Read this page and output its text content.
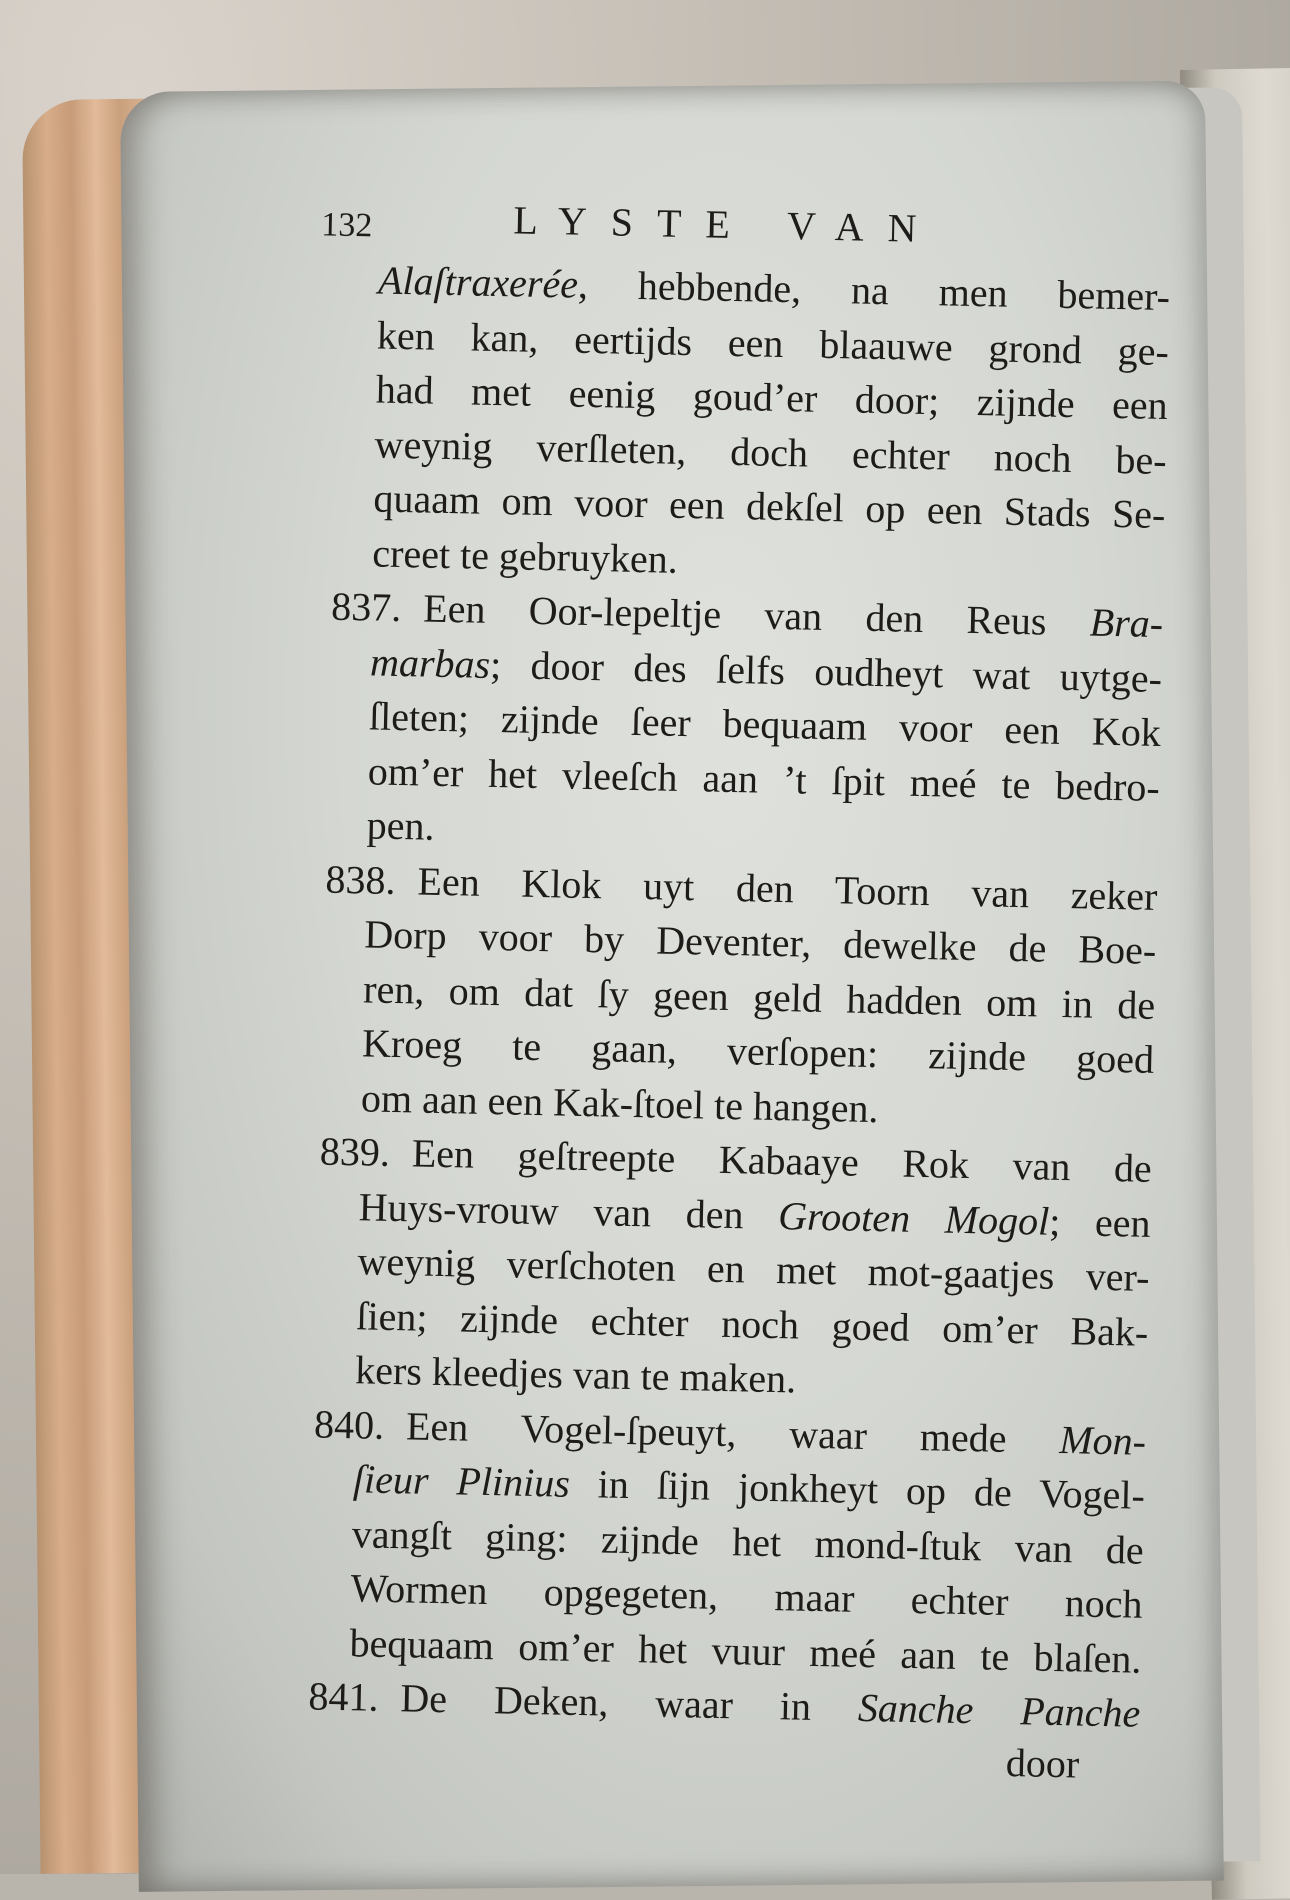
132	LYSTE VAN
Alaſtraxerée, hebbende, na men bemer-
ken kan, eertijds een blaauwe grond ge-
had met eenig goud’er door; zijnde een
weynig verſleten, doch echter noch be-
quaam om voor een dekſel op een Stads Se-
creet te gebruyken.
837. Een Oor-lepeltje van den Reus Bra-
marbas; door des ſelfs oudheyt wat uytge-
ſleten; zijnde ſeer bequaam voor een Kok
om’er het vleeſch aan ’t ſpit meé te bedro-
pen.
838. Een Klok uyt den Toorn van zeker
Dorp voor by Deventer, dewelke de Boe-
ren, om dat ſy geen geld hadden om in de
Kroeg te gaan, verſopen: zijnde goed
om aan een Kak-ſtoel te hangen.
839. Een geſtreepte Kabaaye Rok van de
Huys-vrouw van den Grooten Mogol; een
weynig verſchoten en met mot-gaatjes ver-
ſien; zijnde echter noch goed om’er Bak-
kers kleedjes van te maken.
840. Een Vogel-ſpeuyt, waar mede Mon-
ſieur Plinius in ſijn jonkheyt op de Vogel-
vangſt ging: zijnde het mond-ſtuk van de
Wormen opgegeten, maar echter noch
bequaam om’er het vuur meé aan te blaſen.
841. De Deken, waar in Sanche Panche
door
